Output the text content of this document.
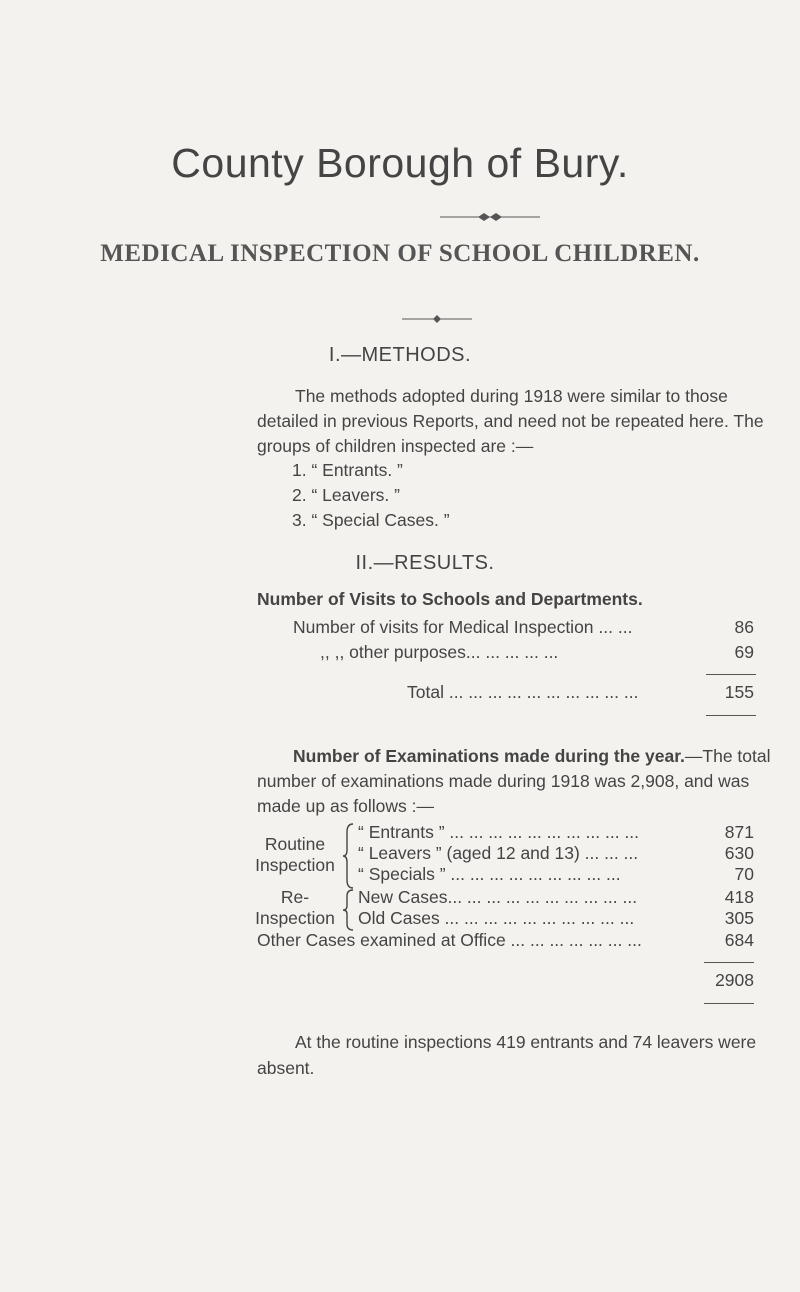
County Borough of Bury.
MEDICAL INSPECTION OF SCHOOL CHILDREN.
I.—METHODS.
The methods adopted during 1918 were similar to those
detailed in previous Reports, and need not be repeated here. The
groups of children inspected are :—
1. “ Entrants. ”
2. “ Leavers. ”
3. “ Special Cases. ”
II.—RESULTS.
Number of Visits to Schools and Departments.
Number of visits for Medical Inspection ... ...	86
,, ,, other purposes... ... ... ... ...	69
Total ... ... ... ... ... ... ... ... ... ...	155
Number of Examinations made during the year.—The total
number of examinations made during 1918 was 2,908, and was
made up as follows :—
Routine
Inspection
“ Entrants ” ... ... ... ... ... ... ... ... ... ...	871
“ Leavers ” (aged 12 and 13) ... ... ...	630
“ Specials ” ... ... ... ... ... ... ... ... ...	70
Re-
Inspection
New Cases... ... ... ... ... ... ... ... ... ...	418
Old Cases ... ... ... ... ... ... ... ... ... ...	305
Other Cases examined at Office ... ... ... ... ... ... ...	684
2908
At the routine inspections 419 entrants and 74 leavers were
absent.
